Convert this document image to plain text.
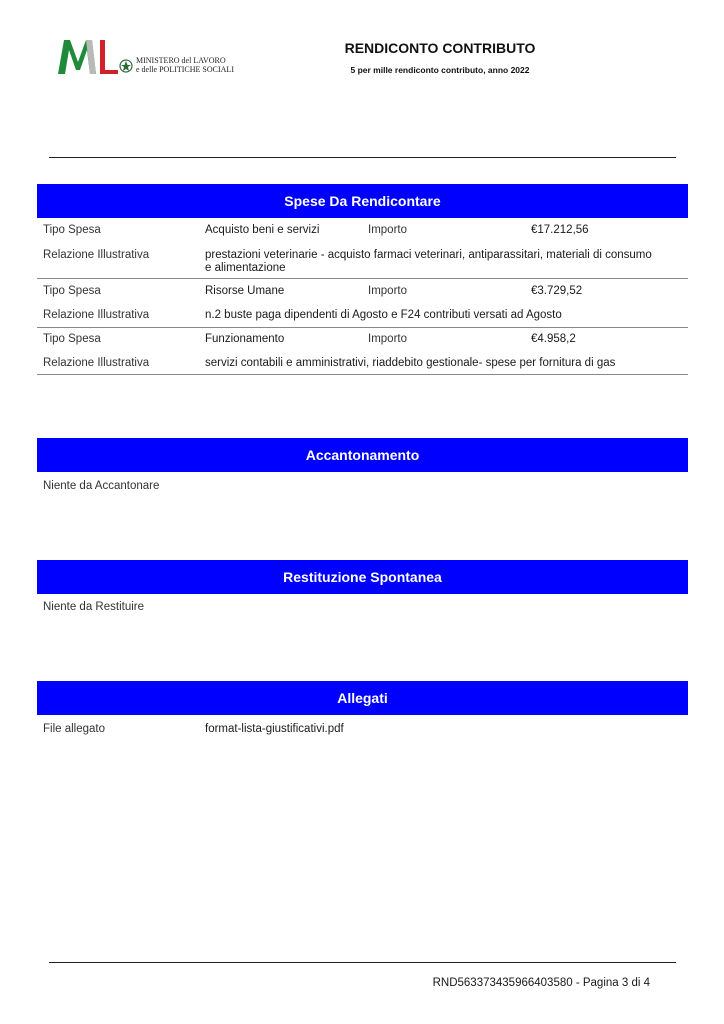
MINISTERO del LAVORO
e delle POLITICHE SOCIALI
RENDICONTO CONTRIBUTO
5 per mille rendiconto contributo, anno 2022
Spese Da Rendicontare
Tipo Spesa	Acquisto beni e servizi	Importo	€17.212,56
Relazione Illustrativa	prestazioni veterinarie - acquisto farmaci veterinari, antiparassitari, materiali di consumo
e alimentazione
Tipo Spesa	Risorse Umane	Importo	€3.729,52
Relazione Illustrativa	n.2 buste paga dipendenti di Agosto e F24 contributi versati ad Agosto
Tipo Spesa	Funzionamento	Importo	€4.958,2
Relazione Illustrativa	servizi contabili e amministrativi, riaddebito gestionale- spese per fornitura di gas
Accantonamento
Niente da Accantonare
Restituzione Spontanea
Niente da Restituire
Allegati
File allegato	format-lista-giustificativi.pdf
RND563373435966403580 - Pagina 3 di 4
